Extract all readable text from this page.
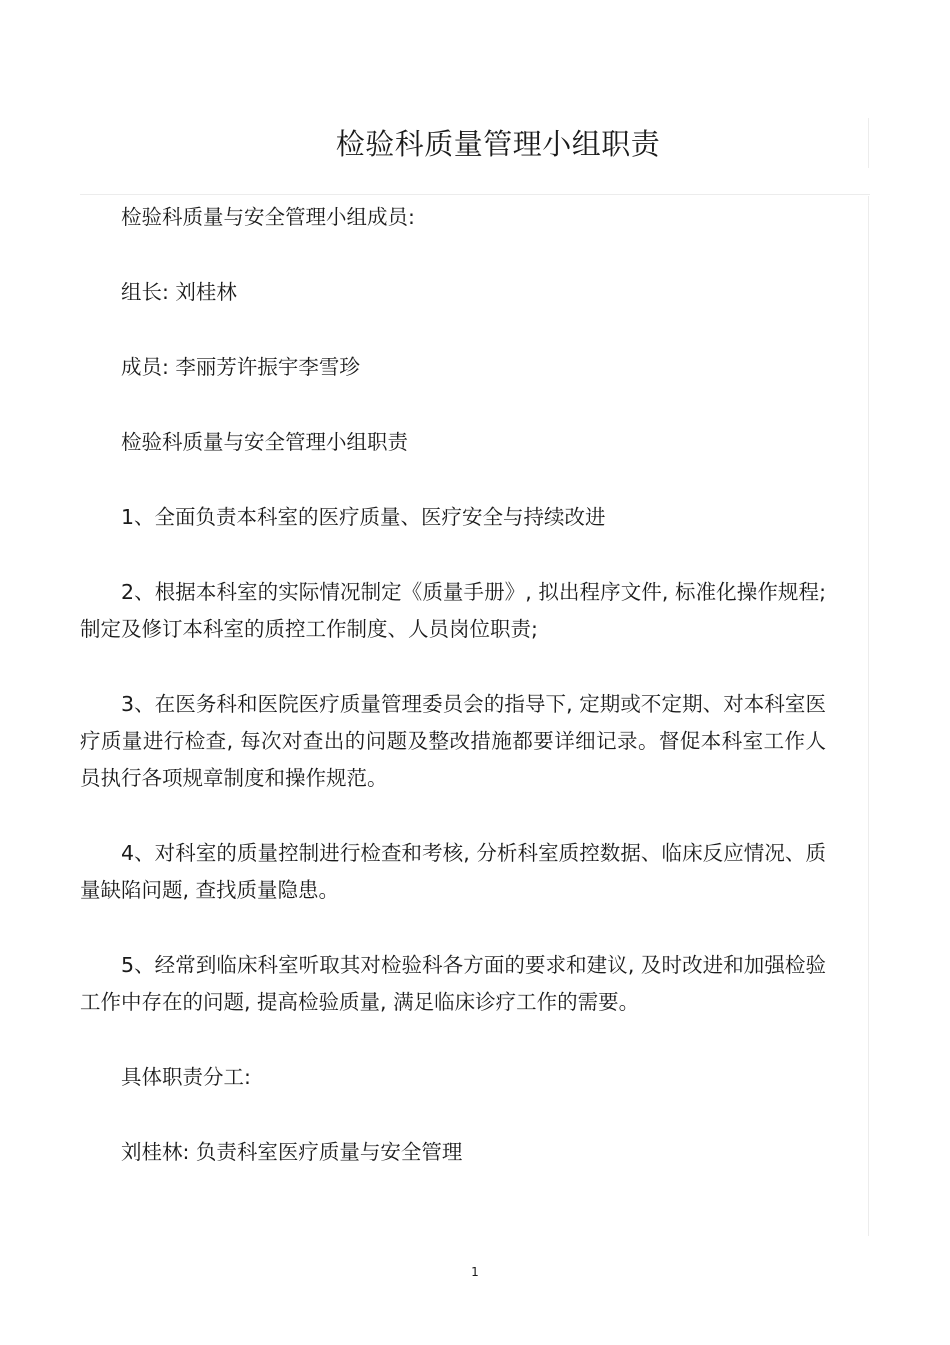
检验科质量管理小组职责

检验科质量与安全管理小组成员:

组长: 刘桂林

成员: 李丽芳许振宇李雪珍

检验科质量与安全管理小组职责

1、全面负责本科室的医疗质量、医疗安全与持续改进

2、根据本科室的实际情况制定《质量手册》, 拟出程序文件, 标准化操作规程; 制定及修订本科室的质控工作制度、人员岗位职责;

3、在医务科和医院医疗质量管理委员会的指导下, 定期或不定期、对本科室医疗质量进行检查, 每次对查出的问题及整改措施都要详细记录。督促本科室工作人员执行各项规章制度和操作规范。

4、对科室的质量控制进行检查和考核, 分析科室质控数据、临床反应情况、质量缺陷问题, 查找质量隐患。

5、经常到临床科室听取其对检验科各方面的要求和建议, 及时改进和加强检验工作中存在的问题, 提高检验质量, 满足临床诊疗工作的需要。

具体职责分工:

刘桂林: 负责科室医疗质量与安全管理

1
